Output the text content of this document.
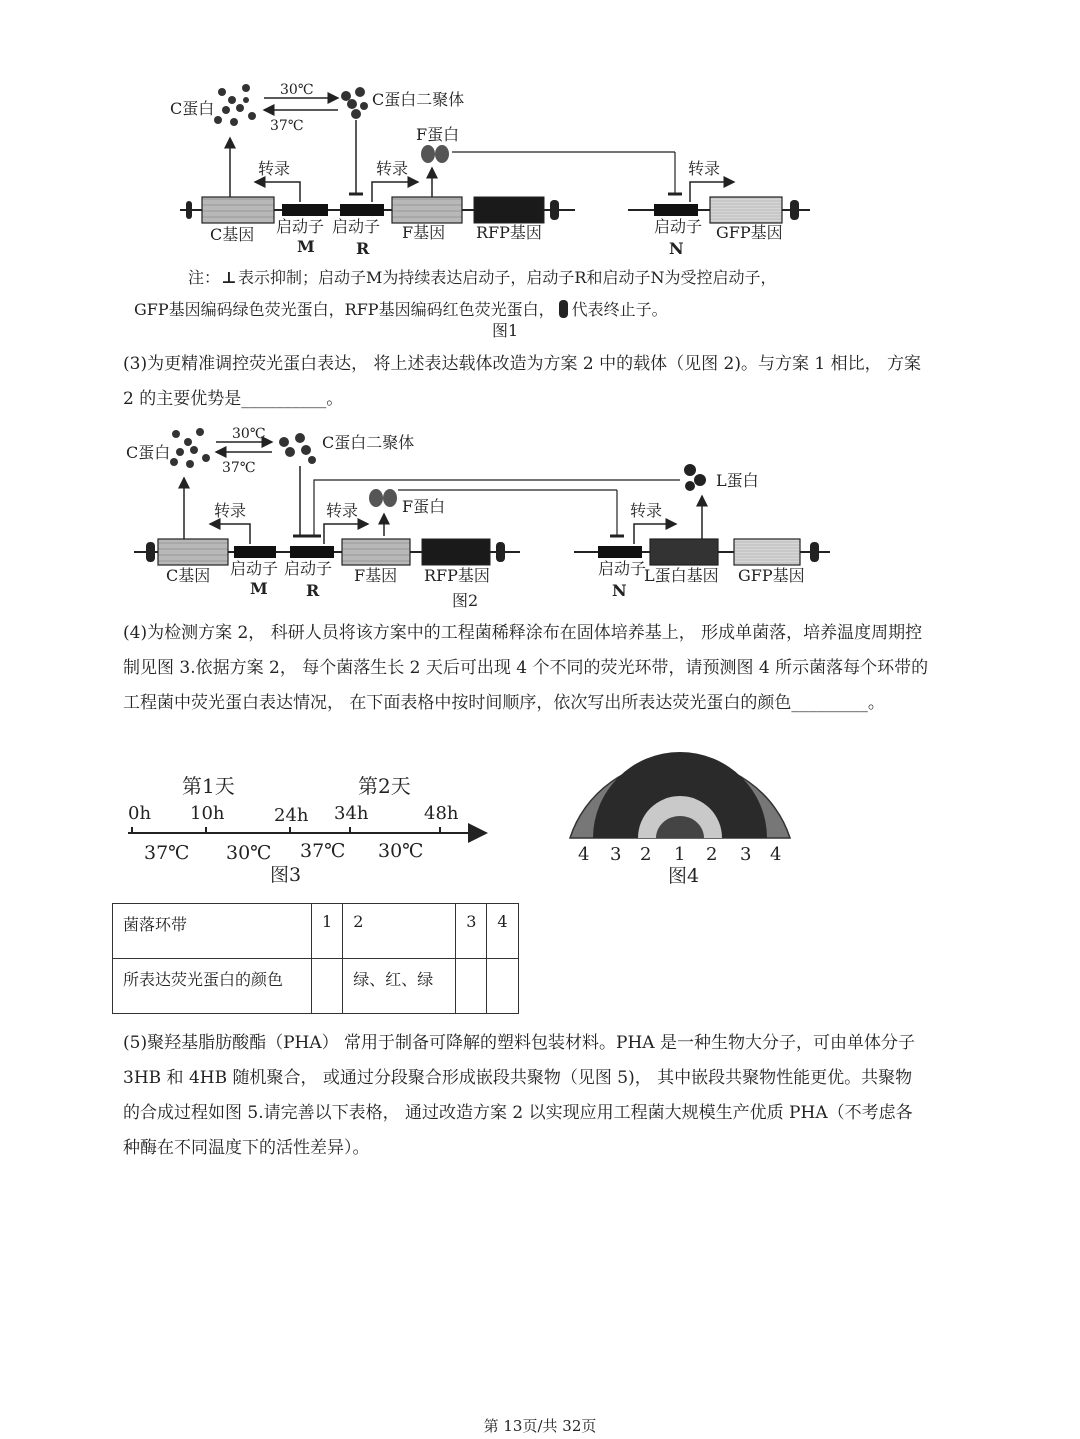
C蛋白
30℃
37℃
C蛋白二聚体
F蛋白
转录	转录	转录
C基因 启动子
M
启动子
R
F基因 RFP基因	启动子
N
GFP基因
注：⊥表示抑制；启动子M为持续表达启动子，启动子R和启动子N为受控启动子，
GFP基因编码绿色荧光蛋白，RFP基因编码红色荧光蛋白， 代表终止子。
图1
(3)为更精准调控荧光蛋白表达， 将上述表达载体改造为方案 2 中的载体（见图 2)。与方案 1 相比， 方案
2 的主要优势是__________。
C蛋白
30℃
37℃
C蛋白二聚体
L蛋白
F蛋白
转录	转录	转录
C基因 启动子
M
启动子
R
F基因 RFP基因	启动子
N
L蛋白基因 GFP基因
图2
(4)为检测方案 2， 科研人员将该方案中的工程菌稀释涂布在固体培养基上， 形成单菌落，培养温度周期控
制见图 3.依据方案 2， 每个菌落生长 2 天后可出现 4 个不同的荧光环带，请预测图 4 所示菌落每个环带的
工程菌中荧光蛋白表达情况， 在下面表格中按时间顺序，依次写出所表达荧光蛋白的颜色_________。
第1天	第2天
0h 10h	24h 34h	48h
37℃ 30℃ 37℃ 30℃
图3
4 3 2 1 2 3 4
图4
菌落环带	1	2	3	4
所表达荧光蛋白的颜色		绿、红、绿		
(5)聚羟基脂肪酸酯（PHA） 常用于制备可降解的塑料包装材料。PHA 是一种生物大分子，可由单体分子
3HB 和 4HB 随机聚合， 或通过分段聚合形成嵌段共聚物（见图 5)， 其中嵌段共聚物性能更优。共聚物
的合成过程如图 5.请完善以下表格， 通过改造方案 2 以实现应用工程菌大规模生产优质 PHA（不考虑各
种酶在不同温度下的活性差异）。
第 13页/共 32页
